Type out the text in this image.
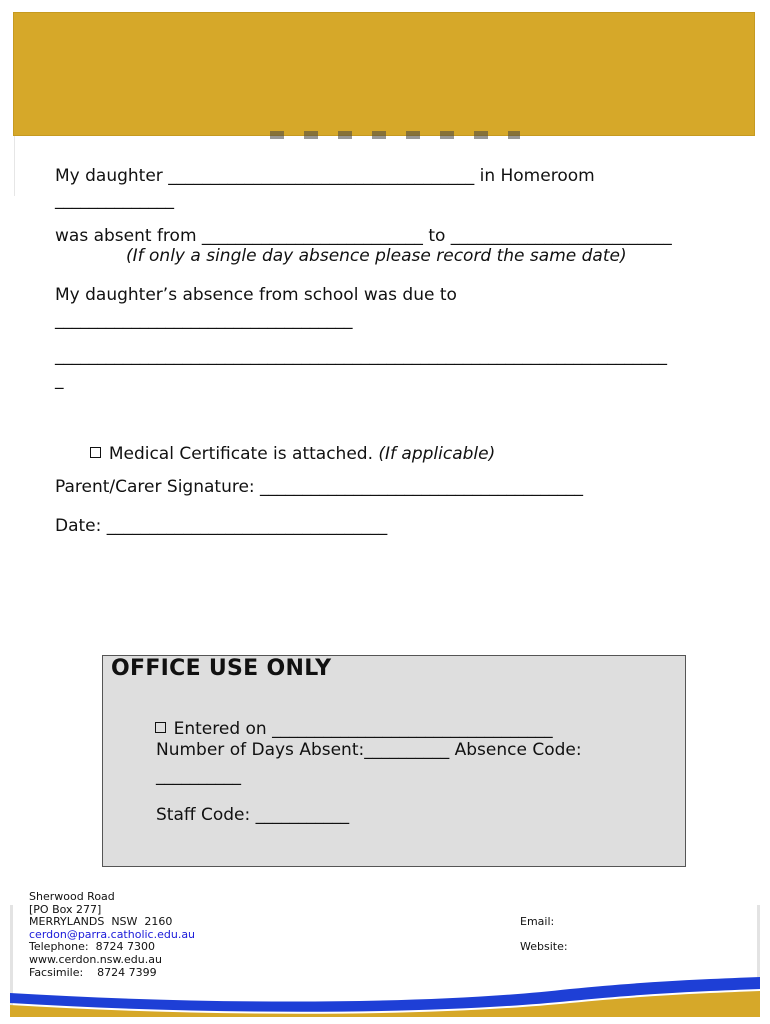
My daughter ____________________________________ in Homeroom
______________
was absent from __________________________ to __________________________
(If only a single day absence please record the same date)
My daughter’s absence from school was due to
___________________________________
________________________________________________________________________
_

Medical Certificate is attached. (If applicable)

Parent/Carer Signature: ______________________________________
Date: _________________________________
OFFICE USE ONLY

Entered on _________________________________

Number of Days Absent:__________ Absence Code:
__________
Staff Code: ___________
Sherwood Road
[PO Box 277]
MERRYLANDS  NSW  2160
cerdon@parra.catholic.edu.au
Telephone:  8724 7300
www.cerdon.nsw.edu.au
Facsimile:    8724 7399
Email:
Website:
